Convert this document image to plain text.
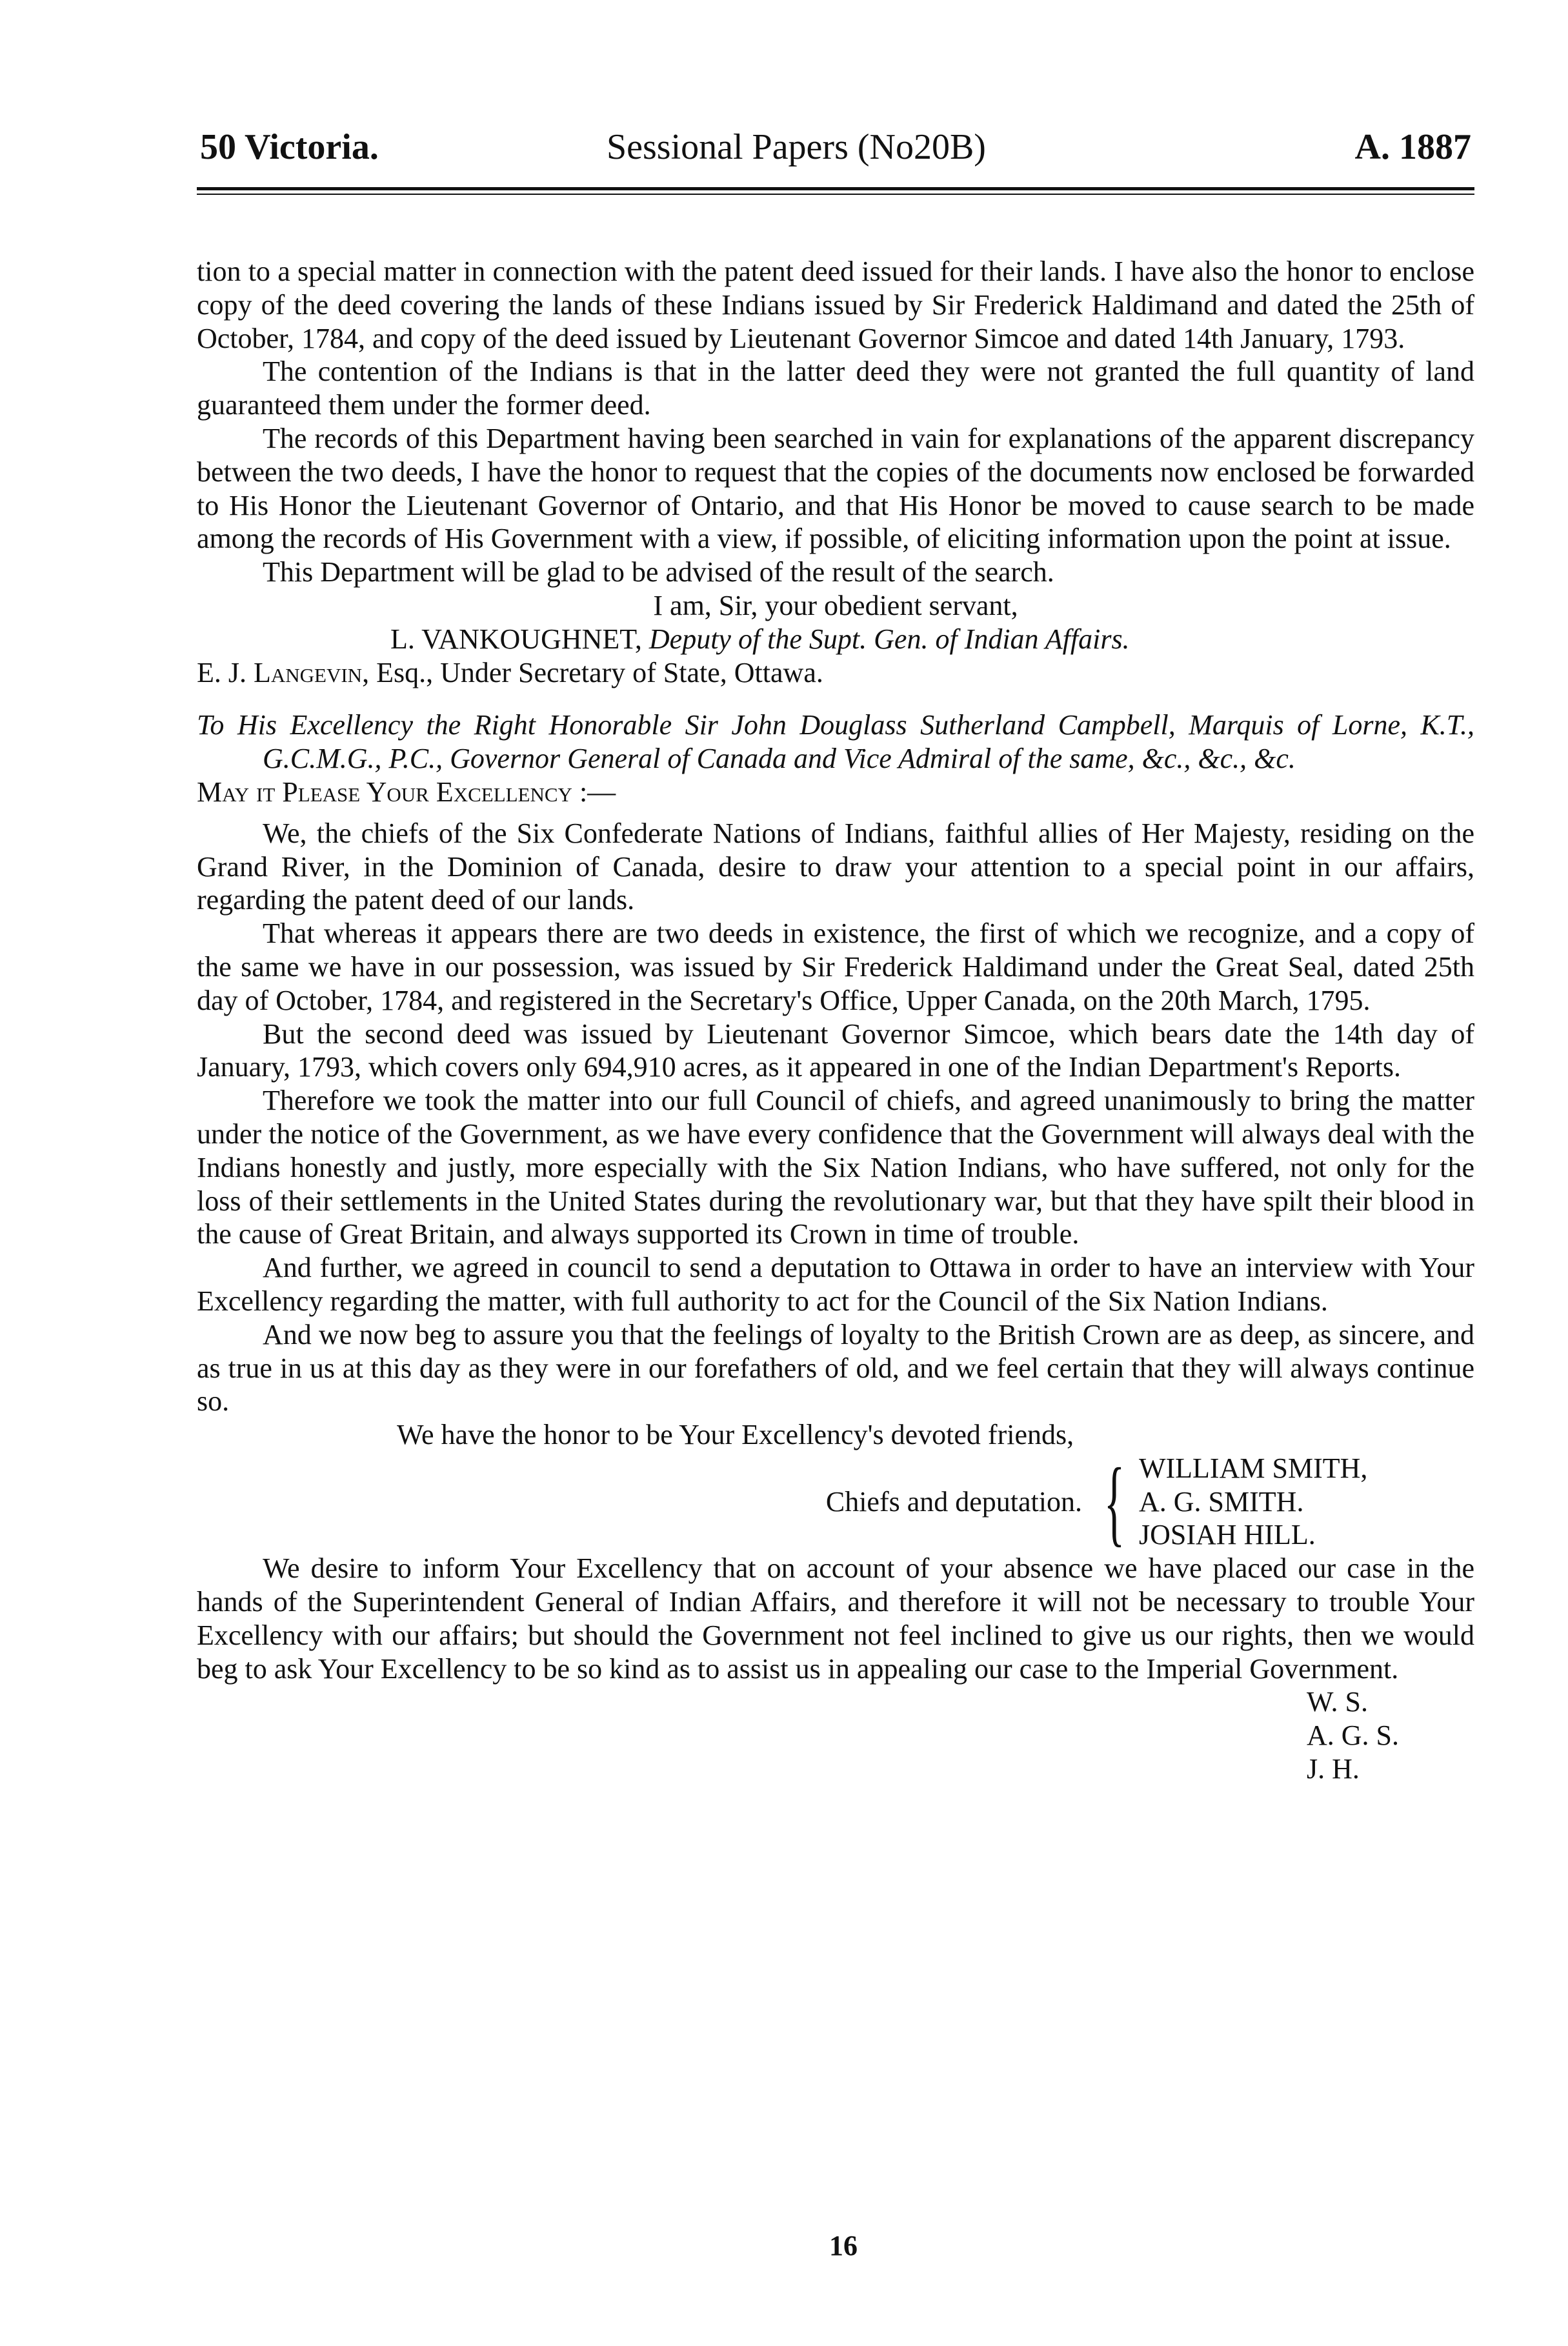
50 Victoria.	Sessional Papers (No20B)	A. 1887

tion to a special matter in connection with the patent deed issued for their lands. I have also the honor to enclose copy of the deed covering the lands of these Indians issued by Sir Frederick Haldimand and dated the 25th of October, 1784, and copy of the deed issued by Lieutenant Governor Simcoe and dated 14th January, 1793.

The contention of the Indians is that in the latter deed they were not granted the full quantity of land guaranteed them under the former deed.

The records of this Department having been searched in vain for explanations of the apparent discrepancy between the two deeds, I have the honor to request that the copies of the documents now enclosed be forwarded to His Honor the Lieutenant Governor of Ontario, and that His Honor be moved to cause search to be made among the records of His Government with a view, if possible, of eliciting information upon the point at issue.

This Department will be glad to be advised of the result of the search.

I am, Sir, your obedient servant,

L. VANKOUGHNET, Deputy of the Supt. Gen. of Indian Affairs.

E. J. Langevin, Esq., Under Secretary of State, Ottawa.

To His Excellency the Right Honorable Sir John Douglass Sutherland Campbell, Marquis of Lorne, K.T., G.C.M.G., P.C., Governor General of Canada and Vice Admiral of the same, &c., &c., &c.

May it Please Your Excellency :—

We, the chiefs of the Six Confederate Nations of Indians, faithful allies of Her Majesty, residing on the Grand River, in the Dominion of Canada, desire to draw your attention to a special point in our affairs, regarding the patent deed of our lands.

That whereas it appears there are two deeds in existence, the first of which we recognize, and a copy of the same we have in our possession, was issued by Sir Frederick Haldimand under the Great Seal, dated 25th day of October, 1784, and registered in the Secretary's Office, Upper Canada, on the 20th March, 1795.

But the second deed was issued by Lieutenant Governor Simcoe, which bears date the 14th day of January, 1793, which covers only 694,910 acres, as it appeared in one of the Indian Department's Reports.

Therefore we took the matter into our full Council of chiefs, and agreed unanimously to bring the matter under the notice of the Government, as we have every confidence that the Government will always deal with the Indians honestly and justly, more especially with the Six Nation Indians, who have suffered, not only for the loss of their settlements in the United States during the revolutionary war, but that they have spilt their blood in the cause of Great Britain, and always supported its Crown in time of trouble.

And further, we agreed in council to send a deputation to Ottawa in order to have an interview with Your Excellency regarding the matter, with full authority to act for the Council of the Six Nation Indians.

And we now beg to assure you that the feelings of loyalty to the British Crown are as deep, as sincere, and as true in us at this day as they were in our forefathers of old, and we feel certain that they will always continue so.

We have the honor to be Your Excellency's devoted friends,

Chiefs and deputation. { WILLIAM SMITH,
A. G. SMITH.
JOSIAH HILL.

We desire to inform Your Excellency that on account of your absence we have placed our case in the hands of the Superintendent General of Indian Affairs, and therefore it will not be necessary to trouble Your Excellency with our affairs; but should the Government not feel inclined to give us our rights, then we would beg to ask Your Excellency to be so kind as to assist us in appealing our case to the Imperial Government.

W. S.
A. G. S.
J. H.
16
